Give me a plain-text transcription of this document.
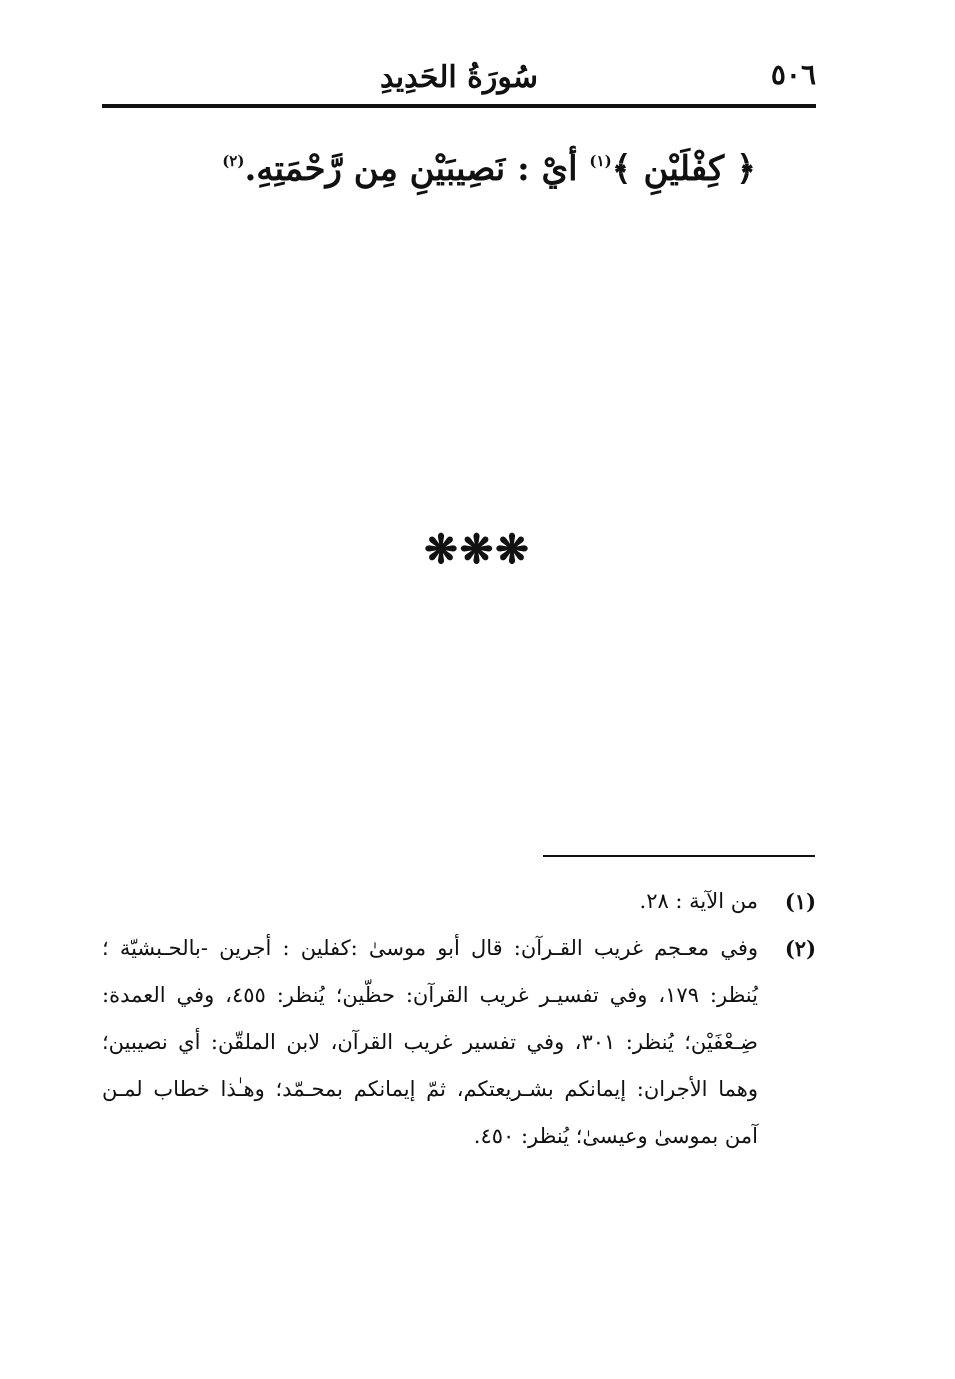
٥٠٦
سُورَةُ الحَدِيدِ
﴿ كِفْلَيْنِ ﴾$^{(١)}$ أيْ : نَصِيبَيْنِ مِن رَّحْمَتِهِ.$^{(٢)}$
❋❋❋
(١)
من الآية : ٢٨.
(٢)
وفي معـجم غريب القـرآن: قال أبو موسىٰ :كفلين : أجرين -بالحـبشيّة ؛ يُنظر: ١٧٩، وفي تفسيـر غريب القرآن: حظّين؛ يُنظر: ٤٥٥، وفي العمدة: ضِـعْفَيْن؛ يُنظر: ٣٠١، وفي تفسير غريب القرآن، لابن الملقّن: أي نصيبين؛ وهما الأجران: إيمانكم بشـريعتكم، ثمّ إيمانكم بمحـمّد؛ وهـٰذا خطاب لمـن آمن بموسىٰ وعيسىٰ؛ يُنظر: ٤٥٠.
